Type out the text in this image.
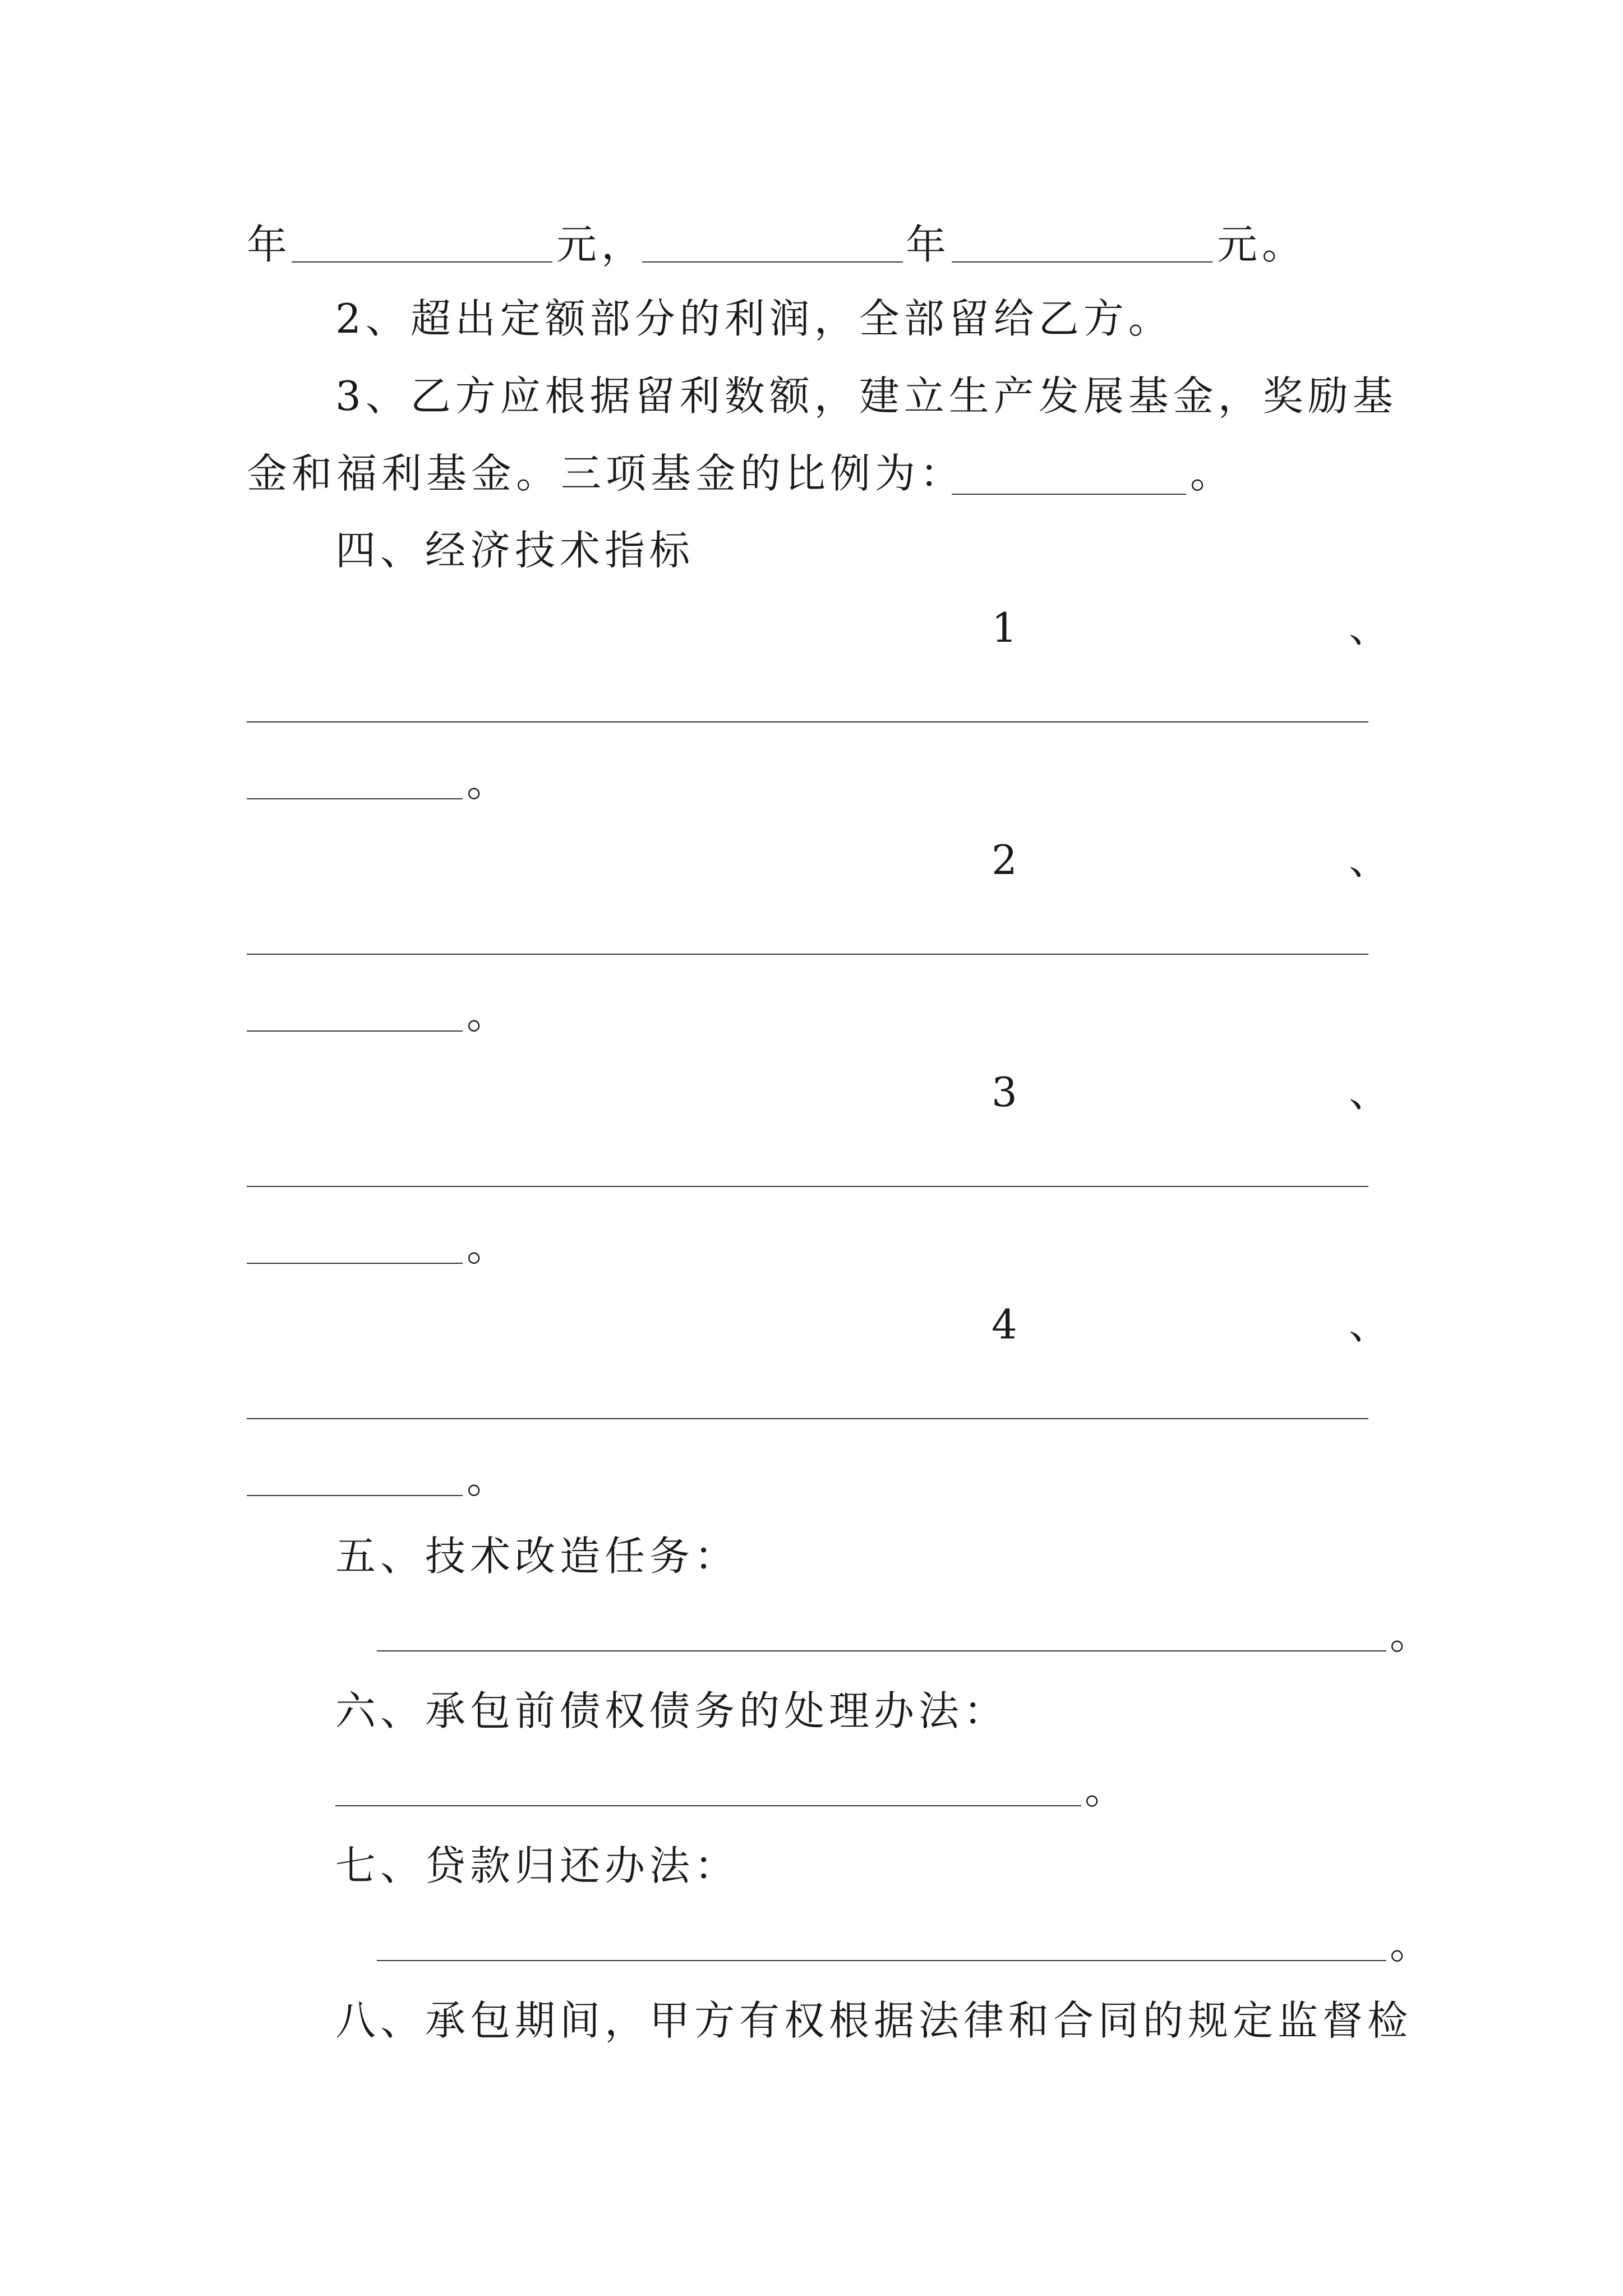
年	元，	年	元。
2、超出定额部分的利润，全部留给乙方。
3、乙方应根据留利数额，建立生产发展基金，奖励基
金和福利基金。三项基金的比例为：	。
四、经济技术指标
1	、
。
2	、
。
3	、
。
4	、
。
五、技术改造任务：
。
六、承包前债权债务的处理办法：
。
七、贷款归还办法：
。
八、承包期间，甲方有权根据法律和合同的规定监督检
